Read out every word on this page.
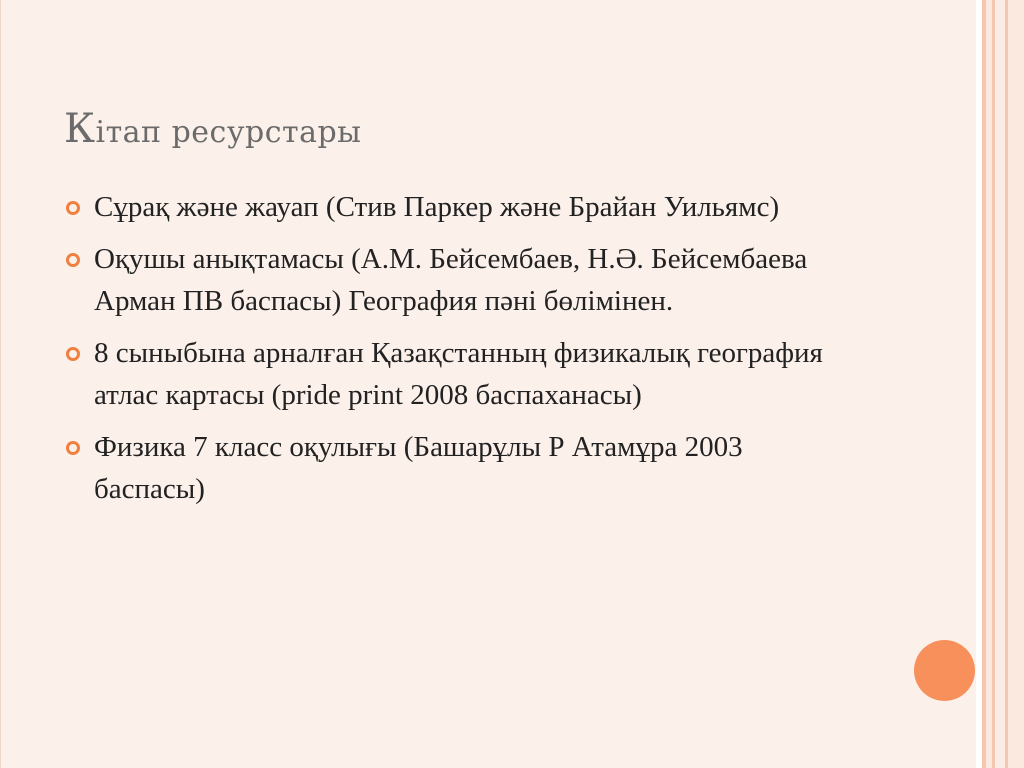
Кітап ресурстары
Сұрақ және жауап (Стив Паркер және Брайан Уильямс)
Оқушы анықтамасы (А.М. Бейсембаев, Н.Ә. Бейсембаева Арман ПВ баспасы) География пәні бөлімінен.
8 сыныбына арналған Қазақстанның физикалық география атлас картасы (pride print 2008 баспаханасы)
Физика 7 класс оқулығы (Башарұлы Р Атамұра 2003 баспасы)
